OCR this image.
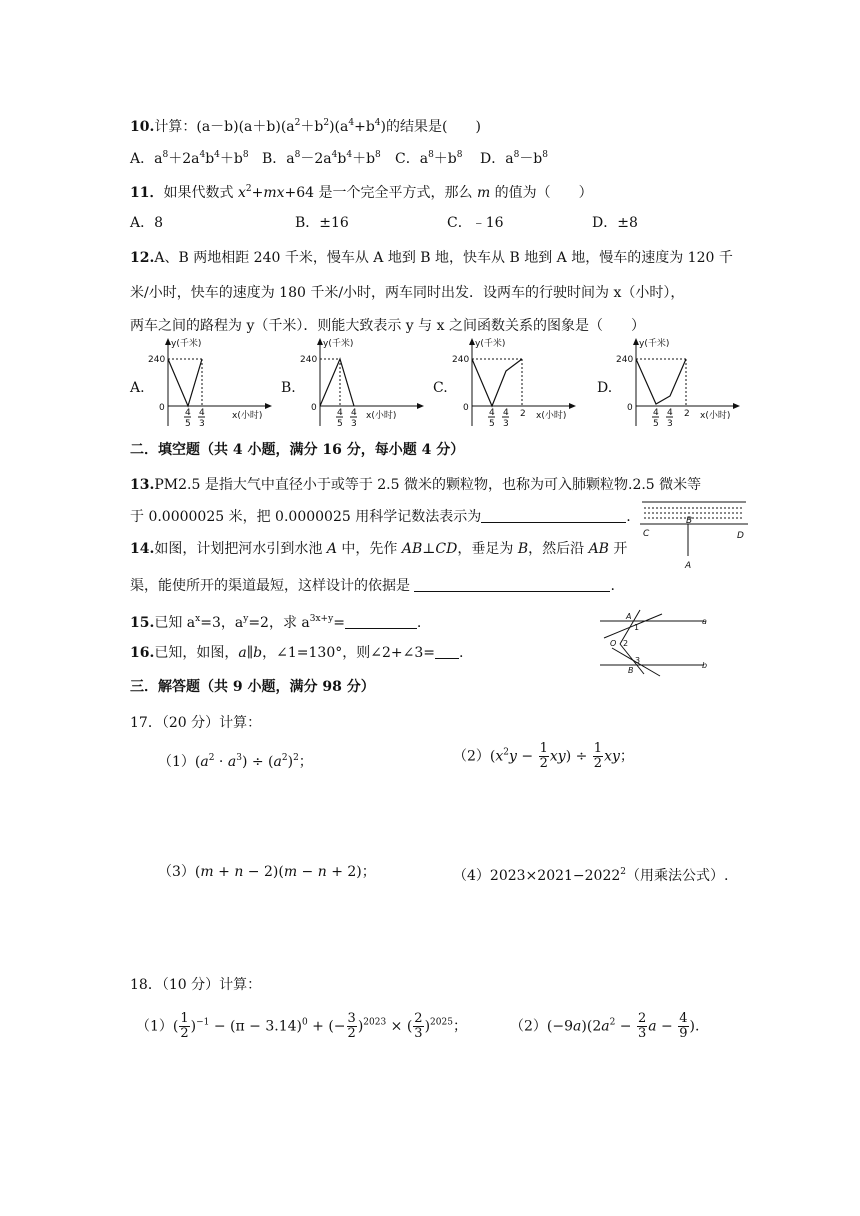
10.计算：$(a-b)(a+b)(a^2+b^2)(a^4+b^4)$的结果是(　　)
A．$a^8+2a^4b^4+b^8$ B．$a^8-2a^4b^4+b^8$ C．$a^8+b^8$ D．$a^8-b^8$
11．如果代数式 $x^2+mx+64$ 是一个完全平方式，那么 m 的值为（　　）
A．8	B．±16	C．﹣16	D．±8
12.A、B 两地相距 240 千米，慢车从 A 地到 B 地，快车从 B 地到 A 地，慢车的速度为 120 千
米/小时，快车的速度为 180 千米/小时，两车同时出发．设两车的行驶时间为 x（小时），
两车之间的路程为 y（千米）．则能大致表示 y 与 x 之间函数关系的图象是（　　）
A.	B.	C.	D.
y(千米)
240
0
x(小时)
4
5
4
3
y(千米)
240
0
x(小时)
4
5
4
3
y(千米)
240
0
x(小时)
4
5
4
3
2
y(千米)
240
0
x(小时)
4
5
4
3
2
二．填空题（共 4 小题，满分 16 分，每小题 4 分）
13.PM2.5 是指大气中直径小于或等于 2.5 微米的颗粒物，也称为可入肺颗粒物.2.5 微米等
于 0.0000025 米，把 0.0000025 用科学记数法表示为	.
C	D
B
A
14.如图，计划把河水引到水池 A 中，先作 AB⊥CD，垂足为 B，然后沿 AB 开
渠，能使所开的渠道最短，这样设计的依据是	.
A
B
O
a
b
1
2
3
15.已知 $a^x=3$，$a^y=2$，求 $a^{3x+y}=$	.
16.已知，如图，a∥b，∠1=130°，则∠2+∠3= .
三．解答题（共 9 小题，满分 98 分）
17．（20 分）计算：
$(1)(a^2 \cdot a^3) \div (a^2)^2$；	$(2)(x^2y - \frac{1}{2} xy) \div \frac{1}{2}$ xy；
（3）(m + n − 2)(m − n + 2)；	$(4)2023\times 2021-2022^2$（用乘法公式）.
18．（10 分）计算：
$(1)( \frac{1}{2} )^{-1} - (\pi - 3.14)^0$ + (− $\frac{3}{2} )^{2023}$ × ( $\frac{2}{3} )^{2025}$；	$(2)(-9a)(2a^2 - \frac{2}{3}$ $a - \frac{4}{9}$ ).
